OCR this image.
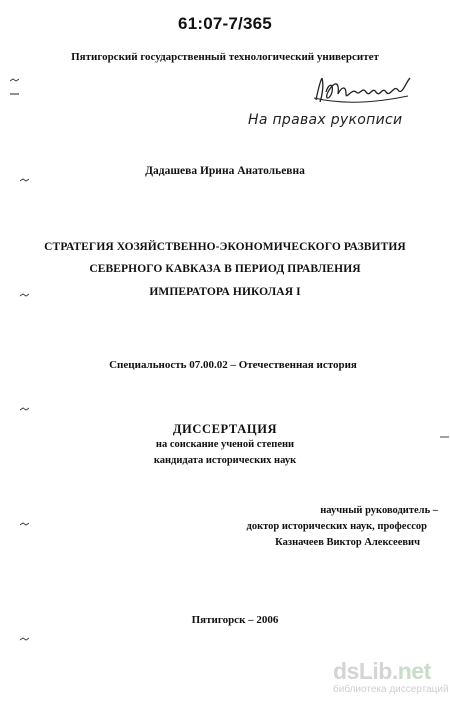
61:07-7/365
Пятигорский государственный технологический университет
На правах рукописи
Дадашева Ирина Анатольевна
СТРАТЕГИЯ ХОЗЯЙСТВЕННО-ЭКОНОМИЧЕСКОГО РАЗВИТИЯ
СЕВЕРНОГО КАВКАЗА В ПЕРИОД ПРАВЛЕНИЯ
ИМПЕРАТОРА НИКОЛАЯ I
Специальность 07.00.02 – Отечественная история
ДИССЕРТАЦИЯ
на соискание ученой степени
кандидата исторических наук
научный руководитель –
доктор исторических наук, профессор
Казначеев Виктор Алексеевич
Пятигорск – 2006
dsLib.net
библиотека диссертаций
